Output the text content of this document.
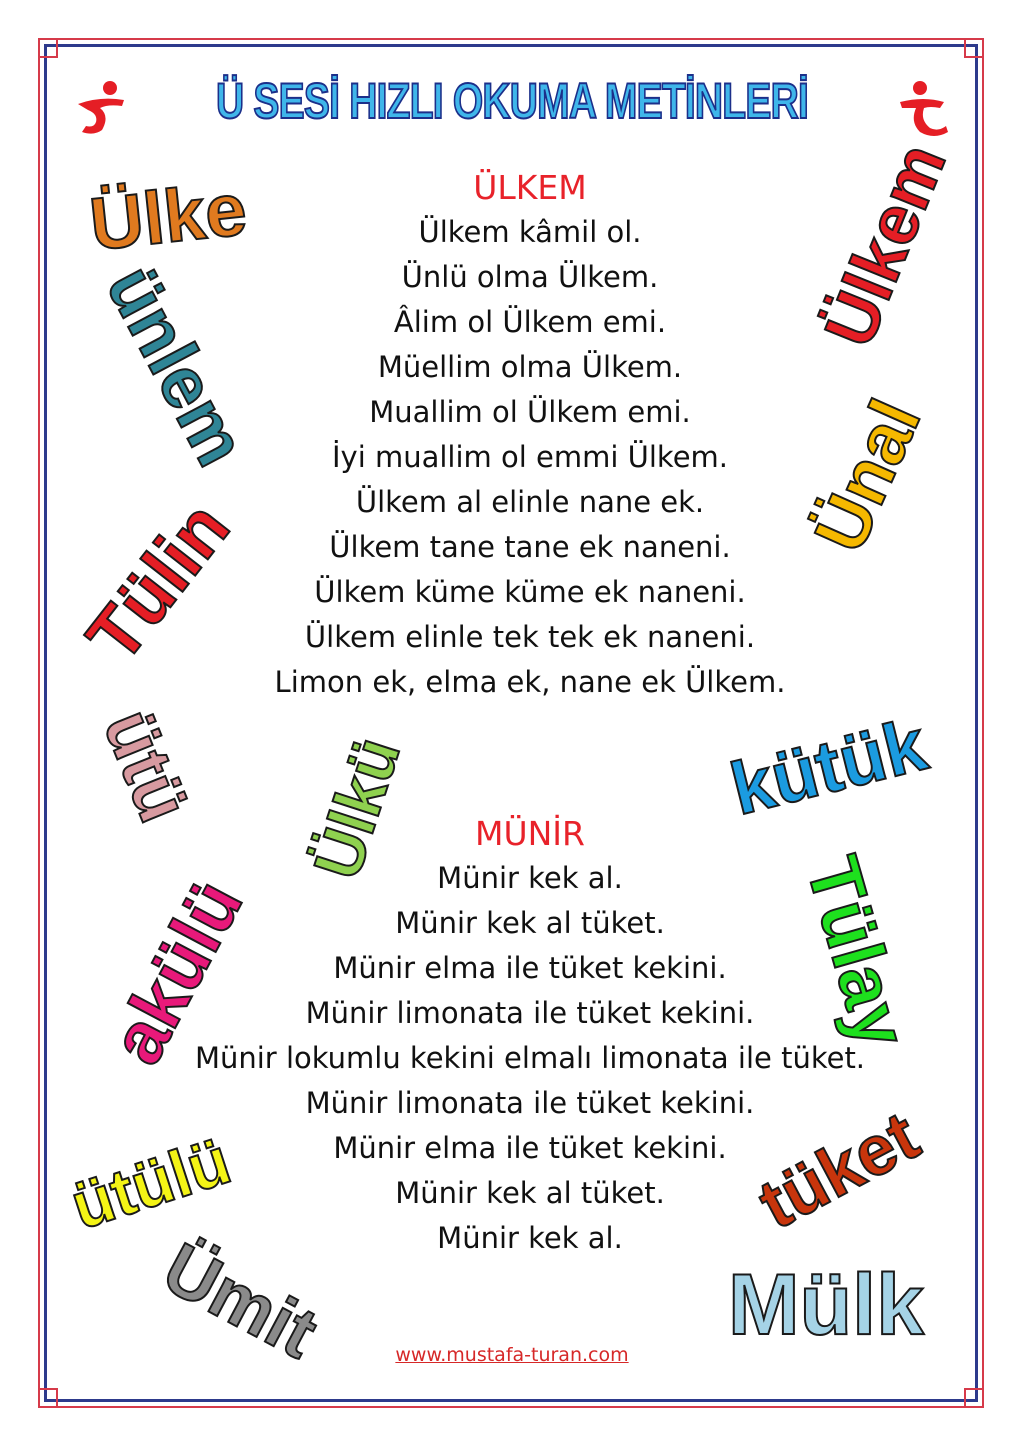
Ü SESİ HIZLI OKUMA METİNLERİ
ÜLKEM
Ülkem kâmil ol.
Ünlü olma Ülkem.
Âlim ol Ülkem emi.
Müellim olma Ülkem.
Muallim ol Ülkem emi.
İyi muallim ol emmi Ülkem.
Ülkem al elinle nane ek.
Ülkem tane tane ek naneni.
Ülkem küme küme ek naneni.
Ülkem elinle tek tek ek naneni.
Limon ek, elma ek, nane ek Ülkem.
MÜNİR
Münir kek al.
Münir kek al tüket.
Münir elma ile tüket kekini.
Münir limonata ile tüket kekini.
Münir lokumlu kekini elmalı limonata ile tüket.
Münir limonata ile tüket kekini.
Münir elma ile tüket kekini.
Münir kek al tüket.
Münir kek al.
Ülke
ünlem
Tülin
ütü Ülkü
akülü
ütülü
Ümit
Ülkem
Ünal
kütük
Tülay
tüket
Mülk
www.mustafa-turan.com
